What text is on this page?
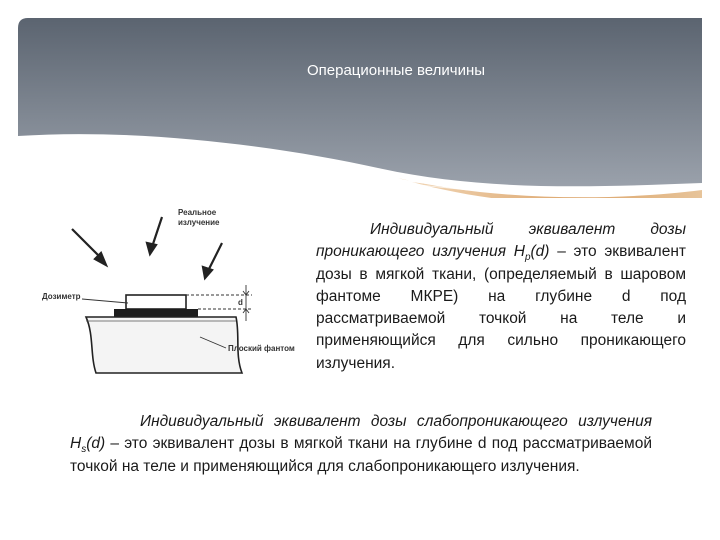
Операционные величины
Реальное
излучение
d
Дозиметр
Плоский фантом
Индивидуальный эквивалент дозы проникающего излучения $H_p(d)$ – это эквивалент дозы в мягкой ткани, (определяемый в шаровом фантоме МКРЕ) на глубине d под рассматриваемой точкой на теле и применяющийся для сильно проникающего излучения.
Индивидуальный эквивалент дозы слабопроникающего излучения $H_s(d)$ – это эквивалент дозы в мягкой ткани на глубине d под рассматриваемой точкой на теле и применяющийся для слабопроникающего излучения.
